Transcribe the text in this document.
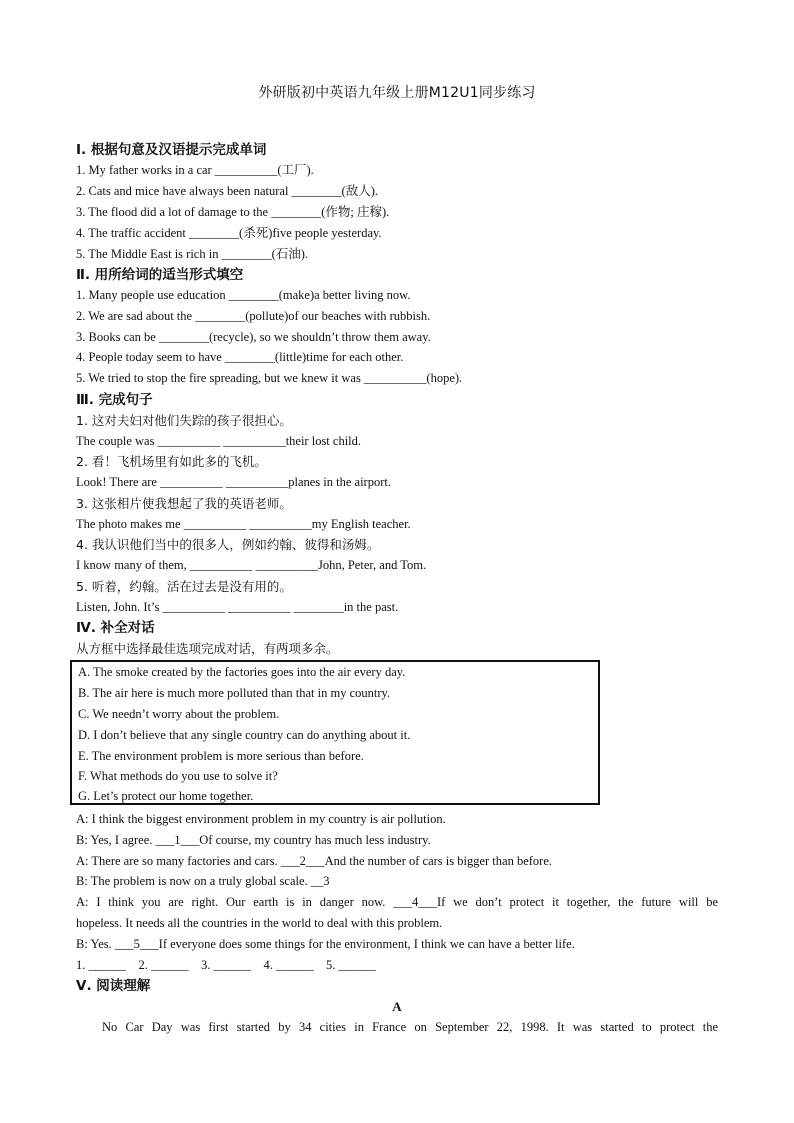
外研版初中英语九年级上册M12U1同步练习
Ⅰ. 根据句意及汉语提示完成单词
1. My father works in a car __________(工厂).
2. Cats and mice have always been natural ________(敌人).
3. The flood did a lot of damage to the ________(作物; 庄稼).
4. The traffic accident ________(杀死)five people yesterday.
5. The Middle East is rich in ________(石油).
Ⅱ. 用所给词的适当形式填空
1. Many people use education ________(make)a better living now.
2. We are sad about the ________(pollute)of our beaches with rubbish.
3. Books can be ________(recycle), so we shouldn’t throw them away.
4. People today seem to have ________(little)time for each other.
5. We tried to stop the fire spreading, but we knew it was __________(hope).
Ⅲ. 完成句子
1. 这对夫妇对他们失踪的孩子很担心。
The couple was __________ __________their lost child.
2. 看！飞机场里有如此多的飞机。
Look! There are __________ __________planes in the airport.
3. 这张相片使我想起了我的英语老师。
The photo makes me __________ __________my English teacher.
4. 我认识他们当中的很多人，例如约翰、彼得和汤姆。
I know many of them, __________ __________John, Peter, and Tom.
5. 听着，约翰。活在过去是没有用的。
Listen, John. It’s __________ __________ ________in the past.
Ⅳ. 补全对话
从方框中选择最佳选项完成对话，有两项多余。
A. The smoke created by the factories goes into the air every day.
B. The air here is much more polluted than that in my country.
C. We needn’t worry about the problem.
D. I don’t believe that any single country can do anything about it.
E. The environment problem is more serious than before.
F. What methods do you use to solve it?
G. Let’s protect our home together.
A: I think the biggest environment problem in my country is air pollution.
B: Yes, I agree. ___1___Of course, my country has much less industry.
A: There are so many factories and cars. ___2___And the number of cars is bigger than before.
B: The problem is now on a truly global scale. __3
A: I think you are right. Our earth is in danger now. ___4___If we don’t protect it together, the future will be
hopeless. It needs all the countries in the world to deal with this problem.
B: Yes. ___5___If everyone does some things for the environment, I think we can have a better life.
1. ______    2. ______    3. ______    4. ______    5. ______
Ⅴ. 阅读理解
A
No Car Day was first started by 34 cities in France on September 22, 1998. It was started to protect the
